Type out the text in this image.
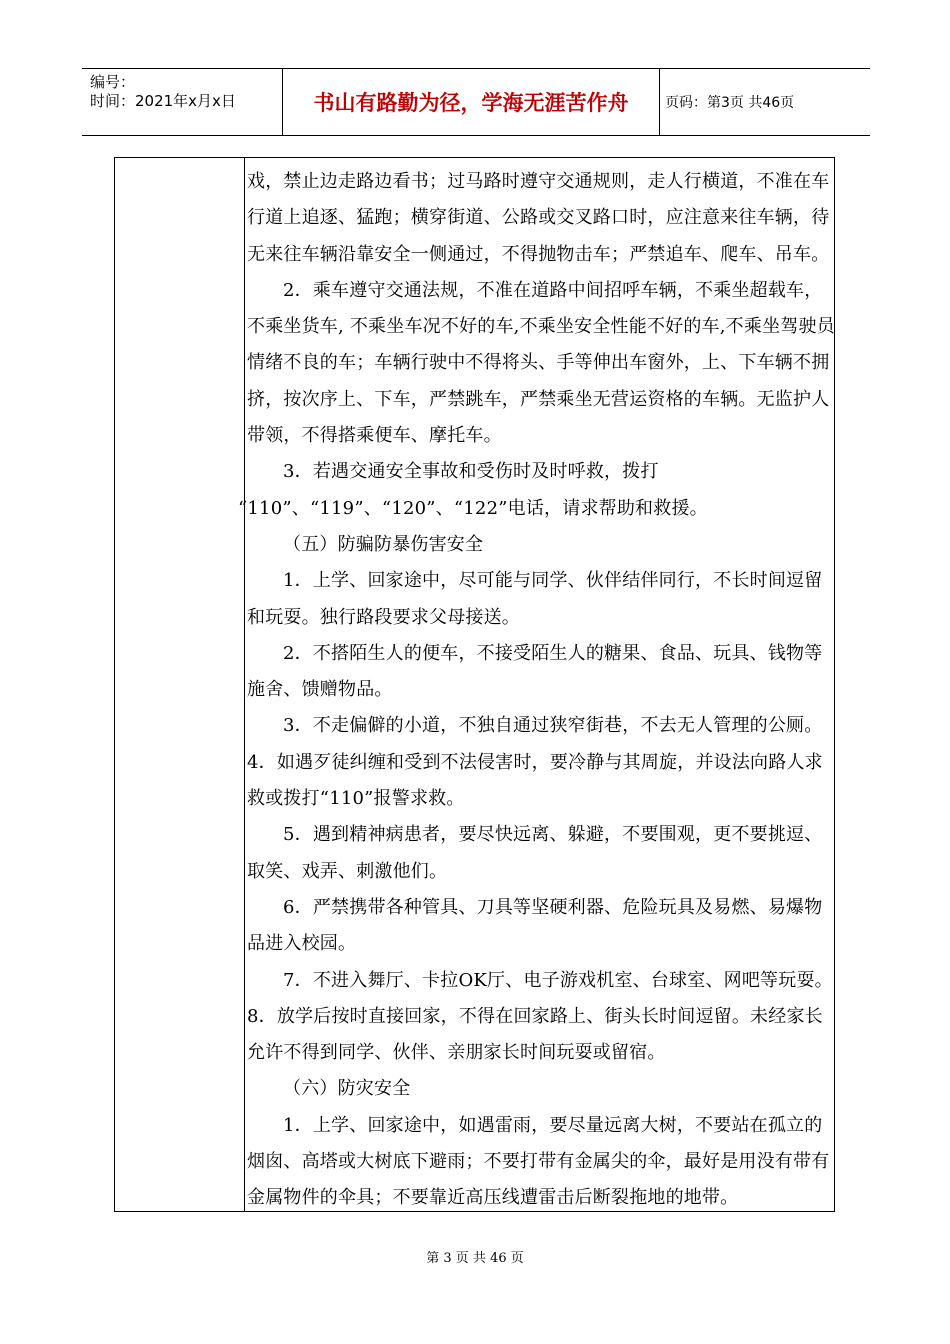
编号：
时间：2021年x月x日	书山有路勤为径，学海无涯苦作舟	页码：第3页 共46页

戏，禁止边走路边看书；过马路时遵守交通规则，走人行横道，不准在车行道上追逐、猛跑；横穿街道、公路或交叉路口时，应注意来往车辆，待无来往车辆沿靠安全一侧通过，不得抛物击车；严禁追车、爬车、吊车。

2．乘车遵守交通法规，不准在道路中间招呼车辆，不乘坐超载车，不乘坐货车, 不乘坐车况不好的车,不乘坐安全性能不好的车,不乘坐驾驶员情绪不良的车；车辆行驶中不得将头、手等伸出车窗外，上、下车辆不拥挤，按次序上、下车，严禁跳车，严禁乘坐无营运资格的车辆。无监护人带领，不得搭乘便车、摩托车。

3．若遇交通安全事故和受伤时及时呼救，拨打

“110”、“119”、“120”、“122”电话，请求帮助和救援。

（五）防骗防暴伤害安全

1．上学、回家途中，尽可能与同学、伙伴结伴同行，不长时间逗留和玩耍。独行路段要求父母接送。

2．不搭陌生人的便车，不接受陌生人的糖果、食品、玩具、钱物等施舍、馈赠物品。

3．不走偏僻的小道，不独自通过狭窄街巷，不去无人管理的公厕。 4．如遇歹徒纠缠和受到不法侵害时，要冷静与其周旋，并设法向路人求救或拨打“110”报警求救。

5．遇到精神病患者，要尽快远离、躲避，不要围观，更不要挑逗、取笑、戏弄、刺激他们。

6．严禁携带各种管具、刀具等坚硬利器、危险玩具及易燃、易爆物品进入校园。

7．不进入舞厅、卡拉OK厅、电子游戏机室、台球室、网吧等玩耍。 8．放学后按时直接回家，不得在回家路上、街头长时间逗留。未经家长允许不得到同学、伙伴、亲朋家长时间玩耍或留宿。

（六）防灾安全

1．上学、回家途中，如遇雷雨，要尽量远离大树，不要站在孤立的烟囱、高塔或大树底下避雨；不要打带有金属尖的伞，最好是用没有带有金属物件的伞具；不要靠近高压线遭雷击后断裂拖地的地带。

第 3 页 共 46 页
